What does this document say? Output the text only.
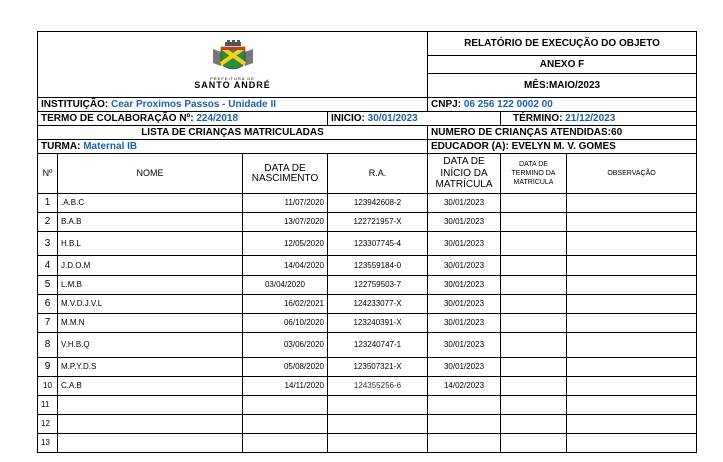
PREFEITURA DE
SANTO ANDRÉ				RELATÓRIO DE EXECUÇÃO DO OBJETO		
				ANEXO F		
				MÊS:MAIO/2023		
INSTITUIÇÃO: Cear Proximos Passos - Unidade II				CNPJ: 06 256 122 0002 00		
TERMO DE COLABORAÇÃO Nº: 224/2018			INICIO: 30/01/2023		TÉRMINO: 21/12/2023	
LISTA DE CRIANÇAS MATRICULADAS				NUMERO DE CRIANÇAS ATENDIDAS:60		
TURMA: Maternal IB				EDUCADOR (A): EVELYN M. V. GOMES		
Nº	NOME	DATA DE NASCIMENTO	R.A.	DATA DE INÍCIO DA MATRÍCULA	DATA DE TERMINO DA MATRICULA	OBSERVAÇÃO
1	.A.B.C	11/07/2020	123942608-2	30/01/2023		
2	B.A.B	13/07/2020	122721957-X	30/01/2023		
3	H.B.L	12/05/2020	123307745-4	30/01/2023		
4	J.D.O.M	14/04/2020	123559184-0	30/01/2023		
5	L.M.B	03/04/2020	122759503-7	30/01/2023		
6	M.V.D.J.V.L	16/02/2021	124233077-X	30/01/2023		
7	M.M.N	06/10/2020	123240391-X	30/01/2023		
8	V.H.B.Q	03/06/2020	123240747-1	30/01/2023		
9	M.P.Y.D.S	05/08/2020	123507321-X	30/01/2023		
10	C.A.B	14/11/2020	124355256-6	14/02/2023		
11						
12						
13						
